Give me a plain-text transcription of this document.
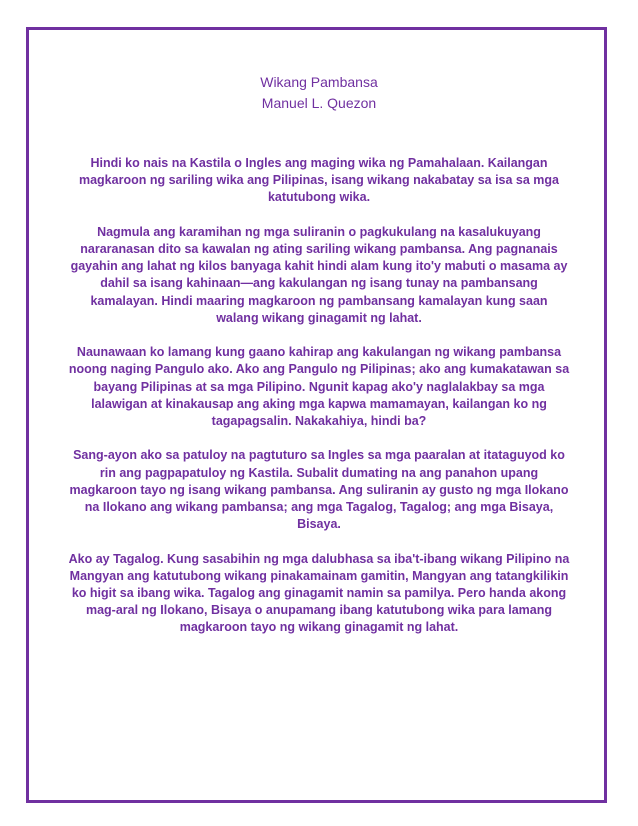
Wikang Pambansa
Manuel L. Quezon

Hindi ko nais na Kastila o Ingles ang maging wika ng Pamahalaan. Kailangan magkaroon ng sariling wika ang Pilipinas, isang wikang nakabatay sa isa sa mga katutubong wika.

Nagmula ang karamihan ng mga suliranin o pagkukulang na kasalukuyang nararanasan dito sa kawalan ng ating sariling wikang pambansa. Ang pagnanais gayahin ang lahat ng kilos banyaga kahit hindi alam kung ito'y mabuti o masama ay dahil sa isang kahinaan—ang kakulangan ng isang tunay na pambansang kamalayan. Hindi maaring magkaroon ng pambansang kamalayan kung saan walang wikang ginagamit ng lahat.

Naunawaan ko lamang kung gaano kahirap ang kakulangan ng wikang pambansa noong naging Pangulo ako. Ako ang Pangulo ng Pilipinas; ako ang kumakatawan sa bayang Pilipinas at sa mga Pilipino. Ngunit kapag ako'y naglalakbay sa mga lalawigan at kinakausap ang aking mga kapwa mamamayan, kailangan ko ng tagapagsalin. Nakakahiya, hindi ba?

Sang-ayon ako sa patuloy na pagtuturo sa Ingles sa mga paaralan at itataguyod ko rin ang pagpapatuloy ng Kastila. Subalit dumating na ang panahon upang magkaroon tayo ng isang wikang pambansa. Ang suliranin ay gusto ng mga Ilokano na Ilokano ang wikang pambansa; ang mga Tagalog, Tagalog; ang mga Bisaya, Bisaya.

Ako ay Tagalog. Kung sasabihin ng mga dalubhasa sa iba't-ibang wikang Pilipino na Mangyan ang katutubong wikang pinakamainam gamitin, Mangyan ang tatangkilikin ko higit sa ibang wika. Tagalog ang ginagamit namin sa pamilya. Pero handa akong mag-aral ng Ilokano, Bisaya o anupamang ibang katutubong wika para lamang magkaroon tayo ng wikang ginagamit ng lahat.
